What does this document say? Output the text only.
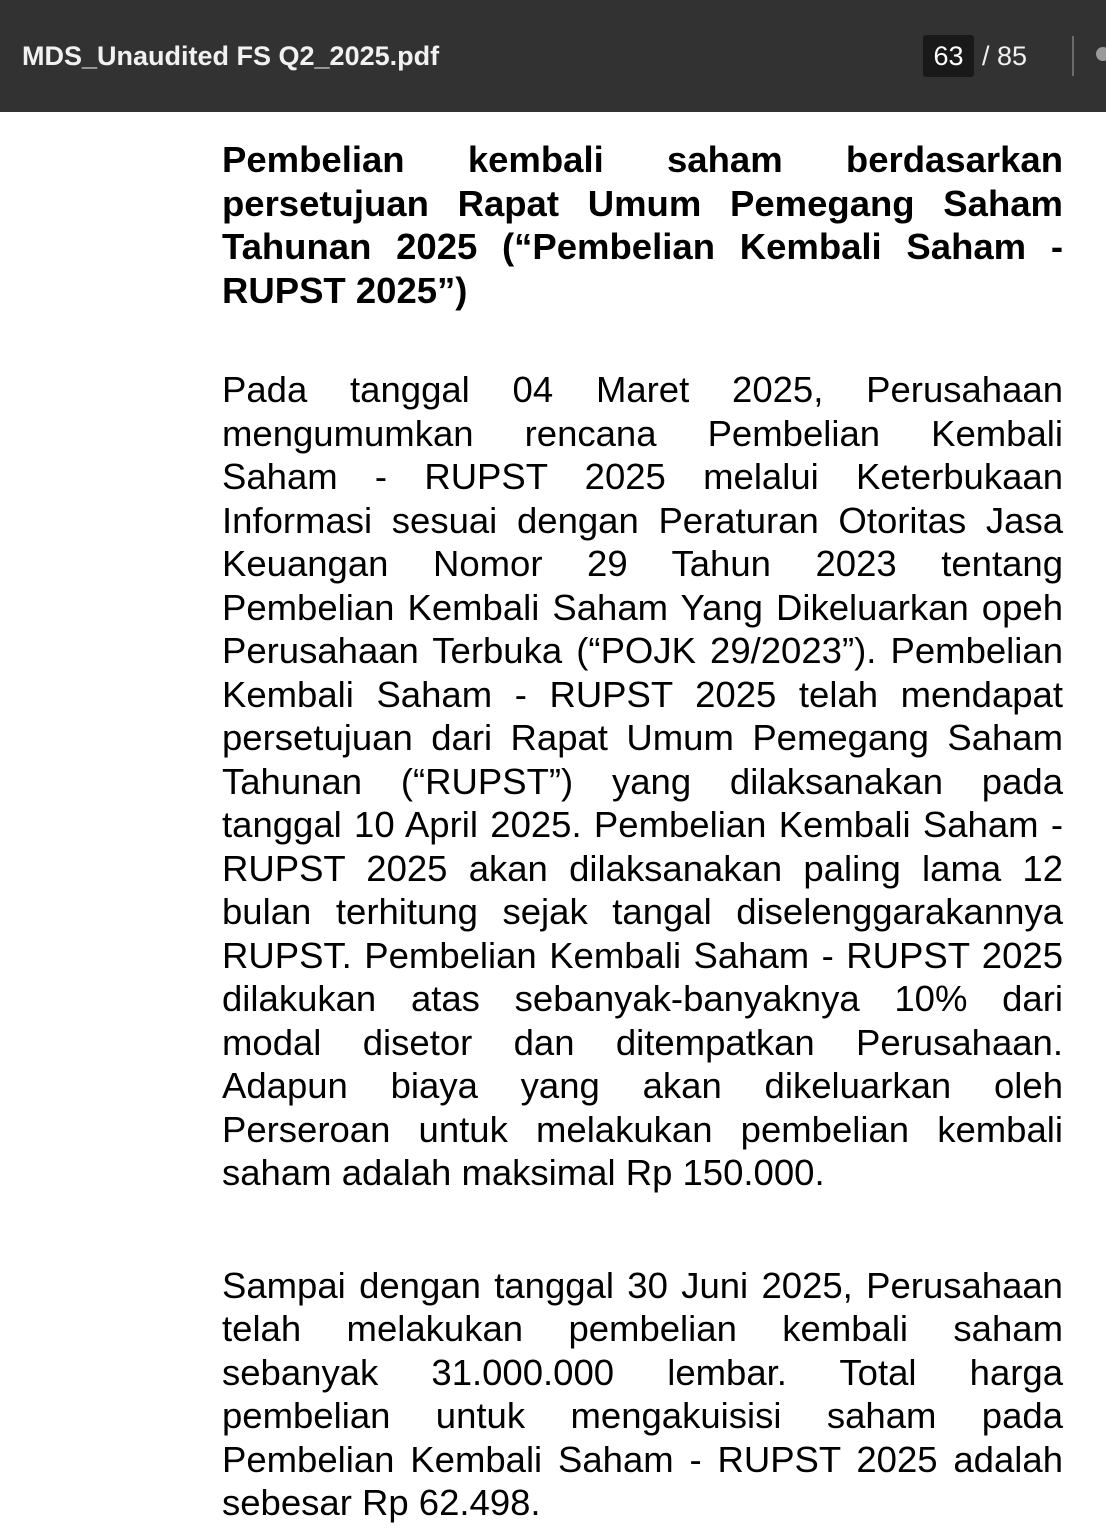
MDS_Unaudited FS Q2_2025.pdf	63 / 85

Pembelian kembali saham berdasarkan persetujuan Rapat Umum Pemegang Saham Tahunan 2025 (“Pembelian Kembali Saham - RUPST 2025”)

Pada tanggal 04 Maret 2025, Perusahaan mengumumkan rencana Pembelian Kembali Saham - RUPST 2025 melalui Keterbukaan Informasi sesuai dengan Peraturan Otoritas Jasa Keuangan Nomor 29 Tahun 2023 tentang Pembelian Kembali Saham Yang Dikeluarkan opeh Perusahaan Terbuka (“POJK 29/2023”). Pembelian Kembali Saham - RUPST 2025 telah mendapat persetujuan dari Rapat Umum Pemegang Saham Tahunan (“RUPST”) yang dilaksanakan pada tanggal 10 April 2025. Pembelian Kembali Saham - RUPST 2025 akan dilaksanakan paling lama 12 bulan terhitung sejak tangal diselenggarakannya RUPST. Pembelian Kembali Saham - RUPST 2025 dilakukan atas sebanyak-banyaknya 10% dari modal disetor dan ditempatkan Perusahaan. Adapun biaya yang akan dikeluarkan oleh Perseroan untuk melakukan pembelian kembali saham adalah maksimal Rp 150.000.

Sampai dengan tanggal 30 Juni 2025, Perusahaan telah melakukan pembelian kembali saham sebanyak 31.000.000 lembar. Total harga pembelian untuk mengakuisisi saham pada Pembelian Kembali Saham - RUPST 2025 adalah sebesar Rp 62.498.
